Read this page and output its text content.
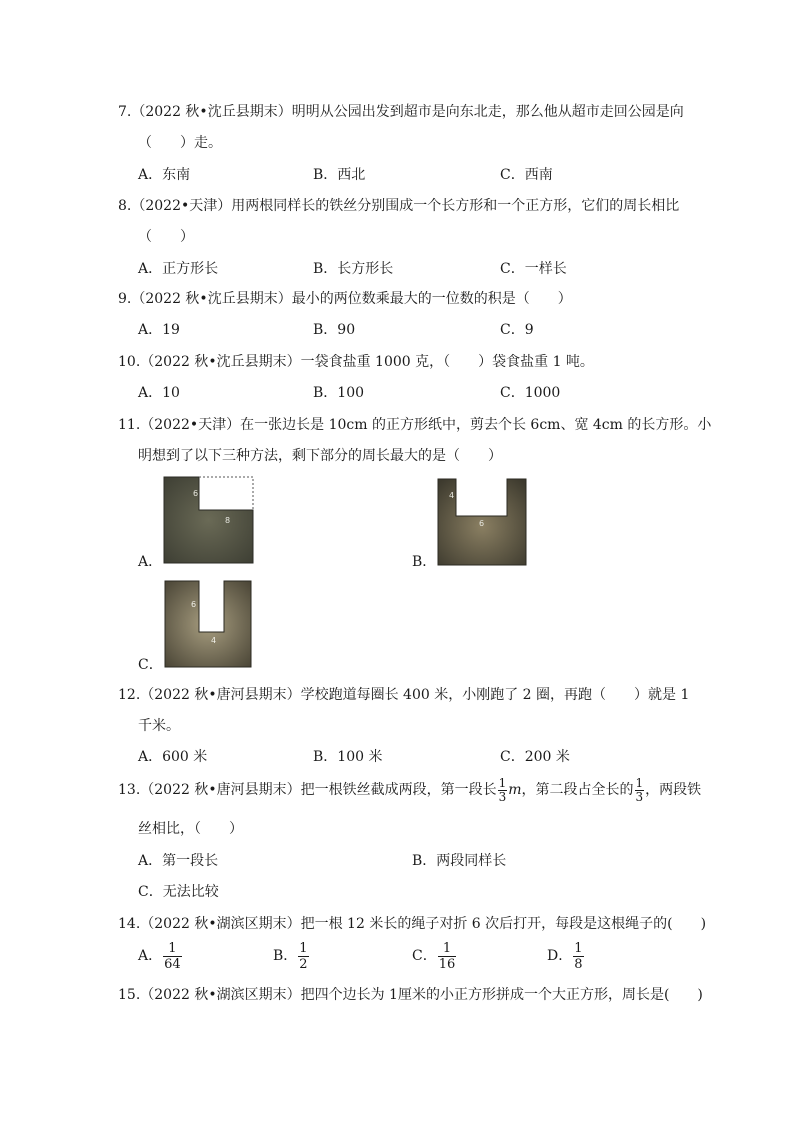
7.（2022 秋•沈丘县期末）明明从公园出发到超市是向东北走，那么他从超市走回公园是向
（　　）走。
A．东南	B．西北	C．西南
8.（2022•天津）用两根同样长的铁丝分别围成一个长方形和一个正方形，它们的周长相比
（　　）
A．正方形长	B．长方形长	C．一样长
9.（2022 秋•沈丘县期末）最小的两位数乘最大的一位数的积是（　　）
A．19	B．90	C．9
10.（2022 秋•沈丘县期末）一袋食盐重 1000 克，（　　）袋食盐重 1 吨。
A．10	B．100	C．1000
11.（2022•天津）在一张边长是 10cm 的正方形纸中，剪去个长 6cm、宽 4cm 的长方形。小
明想到了以下三种方法，剩下部分的周长最大的是（　　）
A．
6
8
B．
4
6
C．
6
4
12.（2022 秋•唐河县期末）学校跑道每圈长 400 米，小刚跑了 2 圈，再跑（　　）就是 1
千米。
A．600 米	B．100 米	C．200 米
13.（2022 秋•唐河县期末）把一根铁丝截成两段，第一段长 $\frac{1}{3}$ m，第二段占全长的 $\frac{1}{3}$ ，两段铁
丝相比，（　　）
A．第一段长	B．两段同样长
C．无法比较
14.（2022 秋•湖滨区期末）把一根 12 米长的绳子对折 6 次后打开，每段是这根绳子的(　　)
A． $\frac{1}{64}$	B． $\frac{1}{2}$	C． $\frac{1}{16}$	D． $\frac{1}{8}$
15.（2022 秋•湖滨区期末）把四个边长为 1厘米的小正方形拼成一个大正方形，周长是(　　)
